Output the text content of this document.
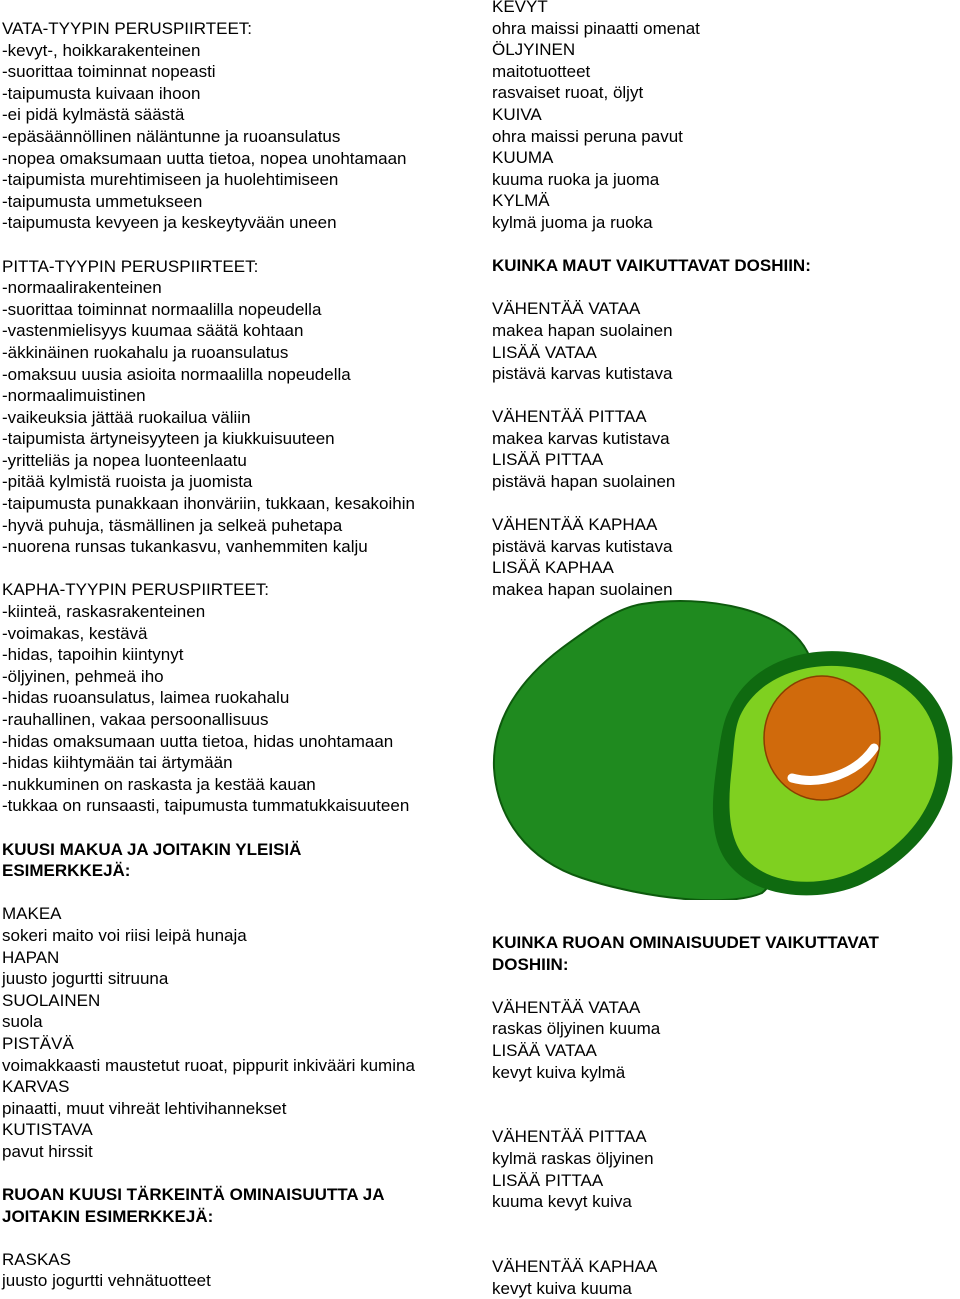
VATA-TYYPIN PERUSPIIRTEET:
-kevyt-, hoikkarakenteinen
-suorittaa toiminnat nopeasti
-taipumusta kuivaan ihoon
-ei pidä kylmästä säästä
-epäsäännöllinen näläntunne ja ruoansulatus
-nopea omaksumaan uutta tietoa, nopea unohtamaan
-taipumista murehtimiseen ja huolehtimiseen
-taipumusta ummetukseen
-taipumusta kevyeen ja keskeytyvään uneen
PITTA-TYYPIN PERUSPIIRTEET:
-normaalirakenteinen
-suorittaa toiminnat normaalilla nopeudella
-vastenmielisyys kuumaa säätä kohtaan
-äkkinäinen ruokahalu ja ruoansulatus
-omaksuu uusia asioita normaalilla nopeudella
-normaalimuistinen
-vaikeuksia jättää ruokailua väliin
-taipumista ärtyneisyyteen ja kiukkuisuuteen
-yritteliäs ja nopea luonteenlaatu
-pitää kylmistä ruoista ja juomista
-taipumusta punakkaan ihonväriin, tukkaan, kesakoihin
-hyvä puhuja, täsmällinen ja selkeä puhetapa
-nuorena runsas tukankasvu, vanhemmiten kalju
KAPHA-TYYPIN PERUSPIIRTEET:
-kiinteä, raskasrakenteinen
-voimakas, kestävä
-hidas, tapoihin kiintynyt
-öljyinen, pehmeä iho
-hidas ruoansulatus, laimea ruokahalu
-rauhallinen, vakaa persoonallisuus
-hidas omaksumaan uutta tietoa, hidas unohtamaan
-hidas kiihtymään tai ärtymään
-nukkuminen on raskasta ja kestää kauan
-tukkaa on runsaasti, taipumusta tummatukkaisuuteen
KUUSI MAKUA JA JOITAKIN YLEISIÄ
ESIMERKKEJÄ:
MAKEA
sokeri maito voi riisi leipä hunaja
HAPAN
juusto jogurtti sitruuna
SUOLAINEN
suola
PISTÄVÄ
voimakkaasti maustetut ruoat, pippurit inkivääri kumina
KARVAS
pinaatti, muut vihreät lehtivihannekset
KUTISTAVA
pavut hirssit
RUOAN KUUSI TÄRKEINTÄ OMINAISUUTTA JA
JOITAKIN ESIMERKKEJÄ:
RASKAS
juusto jogurtti vehnätuotteet
KEVYT
ohra maissi pinaatti omenat
ÖLJYINEN
maitotuotteet
rasvaiset ruoat, öljyt
KUIVA
ohra maissi peruna pavut
KUUMA
kuuma ruoka ja juoma
KYLMÄ
kylmä juoma ja ruoka
KUINKA MAUT VAIKUTTAVAT DOSHIIN:
VÄHENTÄÄ VATAA
makea hapan suolainen
LISÄÄ VATAA
pistävä karvas kutistava
VÄHENTÄÄ PITTAA
makea karvas kutistava
LISÄÄ PITTAA
pistävä hapan suolainen
VÄHENTÄÄ KAPHAA
pistävä karvas kutistava
LISÄÄ KAPHAA
makea hapan suolainen
KUINKA RUOAN OMINAISUUDET VAIKUTTAVAT DOSHIIN:
VÄHENTÄÄ VATAA
raskas öljyinen kuuma
LISÄÄ VATAA
kevyt kuiva kylmä
VÄHENTÄÄ PITTAA
kylmä raskas öljyinen
LISÄÄ PITTAA
kuuma kevyt kuiva
VÄHENTÄÄ KAPHAA
kevyt kuiva kuuma
